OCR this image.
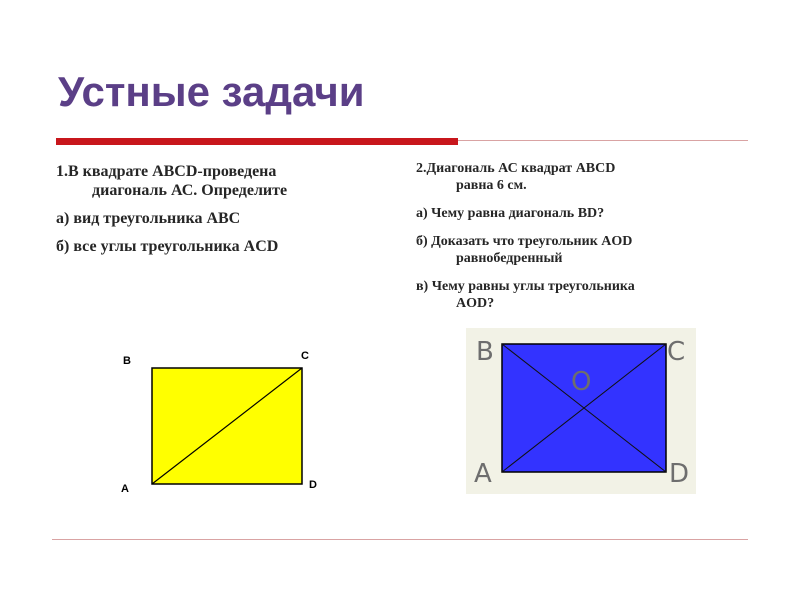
Устные задачи
1.В квадрате ABCD-проведена
диагональ АС. Определите
а) вид треугольника АВС
б) все углы треугольника ACD
2.Диагональ АС квадрат ABCD
равна 6 см.
а) Чему равна диагональ BD?
б) Доказать что треугольник AOD
равнобедренный
в) Чему равны углы треугольника
AOD?
B	C
A	D
B	C
A	D
O
